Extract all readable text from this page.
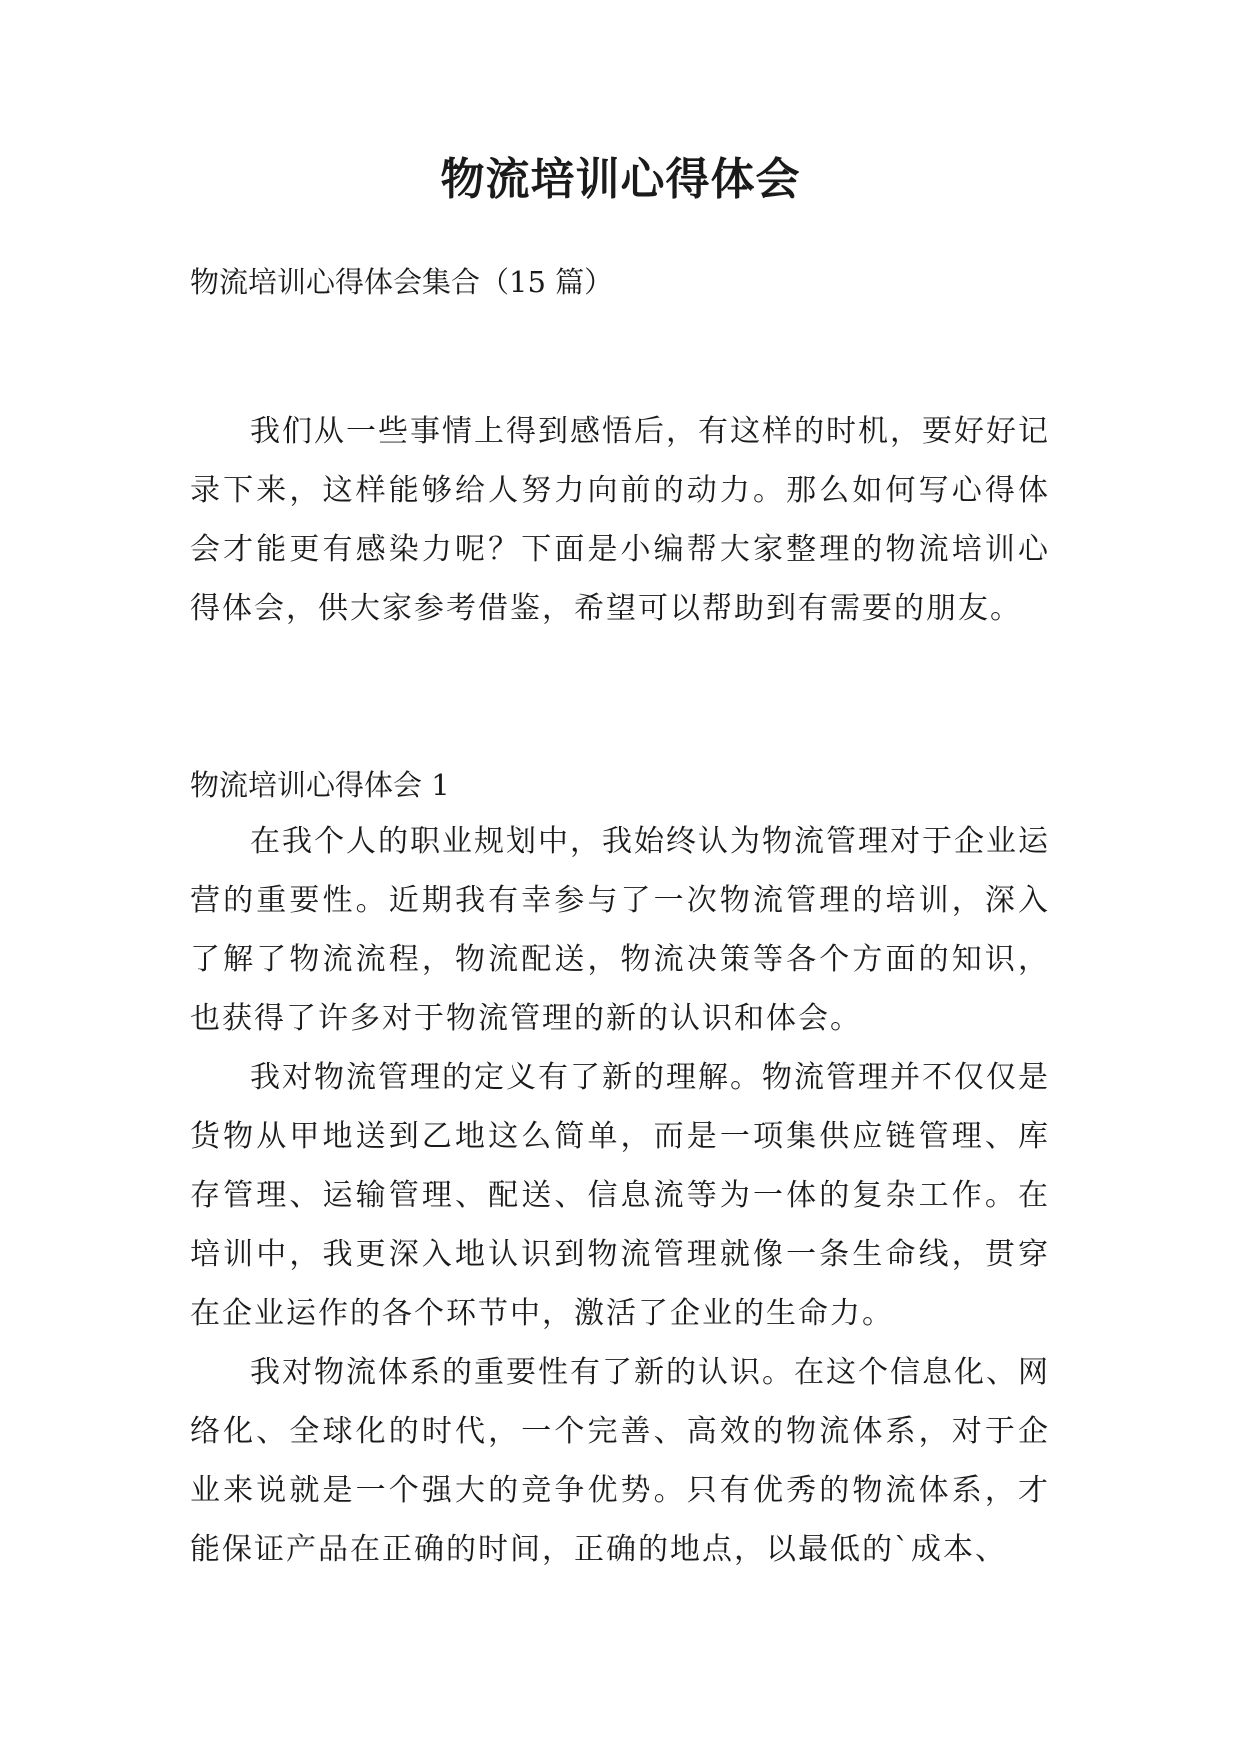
物流培训心得体会
物流培训心得体会集合（15 篇）

我们从一些事情上得到感悟后，有这样的时机，要好好记录下来，这样能够给人努力向前的动力。那么如何写心得体会才能更有感染力呢？下面是小编帮大家整理的物流培训心得体会，供大家参考借鉴，希望可以帮助到有需要的朋友。

物流培训心得体会 1

在我个人的职业规划中，我始终认为物流管理对于企业运营的重要性。近期我有幸参与了一次物流管理的培训，深入了解了物流流程，物流配送，物流决策等各个方面的知识，也获得了许多对于物流管理的新的认识和体会。

我对物流管理的定义有了新的理解。物流管理并不仅仅是货物从甲地送到乙地这么简单，而是一项集供应链管理、库存管理、运输管理、配送、信息流等为一体的复杂工作。在培训中，我更深入地认识到物流管理就像一条生命线，贯穿在企业运作的各个环节中，激活了企业的生命力。

我对物流体系的重要性有了新的认识。在这个信息化、网络化、全球化的时代，一个完善、高效的物流体系，对于企业来说就是一个强大的竞争优势。只有优秀的物流体系，才能保证产品在正确的时间，正确的地点，以最低的`成本、
